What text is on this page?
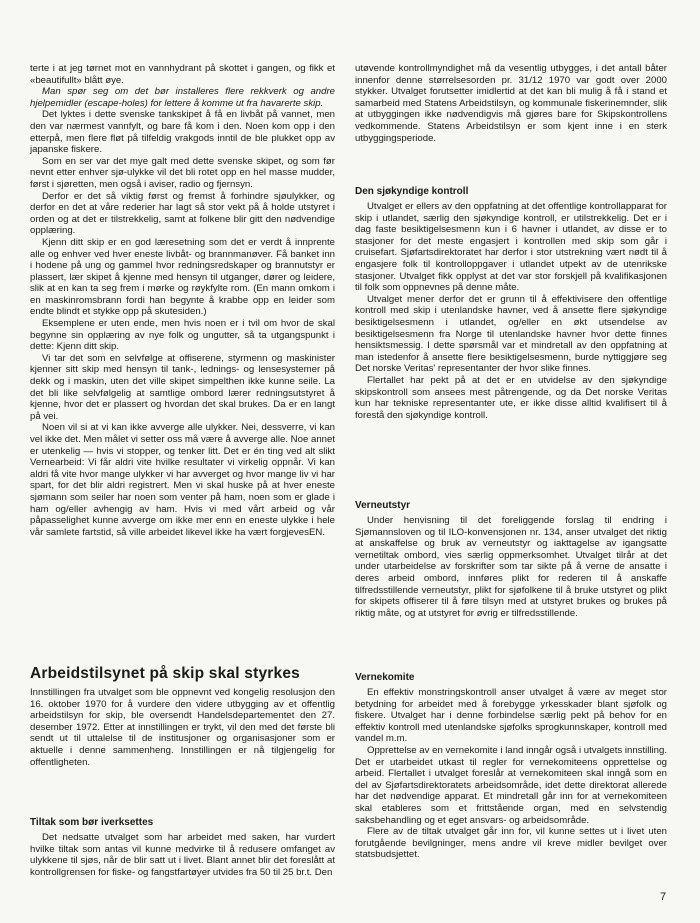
terte i at jeg tørnet mot en vannhydrant på skottet i gangen, og fikk et «beautifullt» blått øye.

Man spør seg om det bør installeres flere rekkverk og andre hjelpemidler (escape-holes) for lettere å komme ut fra havarerte skip.

Det lyktes i dette svenske tankskipet å få en livbåt på vannet, men den var nærmest vannfylt, og bare få kom i den. Noen kom opp i den etterpå, men flere fløt på tilfeldig vrakgods inntil de ble plukket opp av japanske fiskere.

Som en ser var det mye galt med dette svenske skipet, og som før nevnt etter enhver sjø-ulykke vil det bli rotet opp en hel masse mudder, først i sjøretten, men også i aviser, radio og fjernsyn.

Derfor er det så viktig først og fremst å forhindre sjøulykker, og derfor en det at våre rederier har lagt så stor vekt på å holde utstyret i orden og at det er tilstrekkelig, samt at folkene blir gitt den nødvendige opplæring.

Kjenn ditt skip er en god læresetning som det er verdt å innprente alle og enhver ved hver eneste livbåt- og brannmanøver. Få banket inn i hodene på ung og gammel hvor redningsredskaper og brannutstyr er plassert, lær skipet å kjenne med hensyn til utganger, dører og leidere, slik at en kan ta seg frem i mørke og røykfylte rom. (En mann omkom i en maskinromsbrann fordi han begynte å krabbe opp en leider som endte blindt et stykke opp på skutesiden.)

Eksemplene er uten ende, men hvis noen er i tvil om hvor de skal begynne sin opplæring av nye folk og ungutter, så ta utgangspunkt i dette: Kjenn ditt skip.

Vi tar det som en selvfølge at offiserene, styrmenn og maskinister kjenner sitt skip med hensyn til tank-, lednings- og lensesystemer på dekk og i maskin, uten det ville skipet simpelthen ikke kunne seile. La det bli like selvfølgelig at samtlige ombord lærer redningsutstyret å kjenne, hvor det er plassert og hvordan det skal brukes. Da er en langt på vei.

Noen vil si at vi kan ikke avverge alle ulykker. Nei, dessverre, vi kan vel ikke det. Men målet vi setter oss må være å avverge alle. Noe annet er utenkelig — hvis vi stopper, og tenker litt. Det er én ting ved alt slikt Vernearbeid: Vi får aldri vite hvilke resultater vi virkelig oppnår. Vi kan aldri få vite hvor mange ulykker vi har avverget og hvor mange liv vi har spart, for det blir aldri registrert. Men vi skal huske på at hver eneste sjømann som seiler har noen som venter på ham, noen som er glade i ham og/eller avhengig av ham. Hvis vi med vårt arbeid og vår påpasselighet kunne avverge om ikke mer enn en eneste ulykke i hele vår samlete fartstid, så ville arbeidet likevel ikke ha vært forgjeves.

EN.
Arbeidstilsynet på skip skal styrkes

Innstillingen fra utvalget som ble oppnevnt ved kongelig resolusjon den 16. oktober 1970 for å vurdere den videre utbygging av et offentlig arbeidstilsyn for skip, ble oversendt Handelsdepartementet den 27. desember 1972. Etter at innstillingen er trykt, vil den med det første bli sendt ut til uttalelse til de institusjoner og organisasjoner som er aktuelle i denne sammenheng. Innstillingen er nå tilgjengelig for offentligheten.

Tiltak som bør iverksettes

Det nedsatte utvalget som har arbeidet med saken, har vurdert hvilke tiltak som antas vil kunne medvirke til å redusere omfanget av ulykkene til sjøs, når de blir satt ut i livet. Blant annet blir det foreslått at kontrollgrensen for fiske- og fangstfartøyer utvides fra 50 til 25 br.t. Den

utøvende kontrollmyndighet må da vesentlig utbygges, i det antall båter innenfor denne størrelsesorden pr. 31/12 1970 var godt over 2000 stykker. Utvalget forutsetter imidlertid at det kan bli mulig å få i stand et samarbeid med Statens Arbeidstilsyn, og kommunale fiskerinemnder, slik at utbyggingen ikke nødvendigvis må gjøres bare for Skipskontrollens vedkommende. Statens Arbeidstilsyn er som kjent inne i en sterk utbyggingsperiode.

Den sjøkyndige kontroll

Utvalget er ellers av den oppfatning at det offentlige kontrollapparat for skip i utlandet, særlig den sjøkyndige kontroll, er utilstrekkelig. Det er i dag faste besiktigelsesmenn kun i 6 havner i utlandet, av disse er to stasjoner for det meste engasjert i kontrollen med skip som går i cruisefart. Sjøfartsdirektoratet har derfor i stor utstrekning vært nødt til å engasjere folk til kontrolloppgaver i utlandet utpekt av de utenrikske stasjoner. Utvalget fikk opplyst at det var stor forskjell på kvalifikasjonen til folk som oppnevnes på denne måte.

Utvalget mener derfor det er grunn til å effektivisere den offentlige kontroll med skip i utenlandske havner, ved å ansette flere sjøkyndige besiktigelsesmenn i utlandet, og/eller en økt utsendelse av besiktigelsesmenn fra Norge til utenlandske havner hvor dette finnes hensiktsmessig. I dette spørsmål var et mindretall av den oppfatning at man istedenfor å ansette flere besiktigelsesmenn, burde nyttiggjøre seg Det norske Veritas' representanter der hvor slike finnes.

Flertallet har pekt på at det er en utvidelse av den sjøkyndige skipskontroll som ansees mest påtrengende, og da Det norske Veritas kun har tekniske representanter ute, er ikke disse alltid kvalifisert til å forestå den sjøkyndige kontroll.

Verneutstyr

Under henvisning til det foreliggende forslag til endring i Sjømannsloven og til ILO-konvensjonen nr. 134, anser utvalget det riktig at anskaffelse og bruk av verneutstyr og iakttagelse av igangsatte vernetiltak ombord, vies særlig oppmerksomhet. Utvalget tilrår at det under utarbeidelse av forskrifter som tar sikte på å verne de ansatte i deres arbeid ombord, innføres plikt for rederen til å anskaffe tilfredsstillende verneutstyr, plikt for sjøfolkene til å bruke utstyret og plikt for skipets offiserer til å føre tilsyn med at utstyret brukes og brukes på riktig måte, og at utstyret for øvrig er tilfredsstillende.

Vernekomite

En effektiv monstringskontroll anser utvalget å være av meget stor betydning for arbeidet med å forebygge yrkesskader blant sjøfolk og fiskere. Utvalget har i denne forbindelse særlig pekt på behov for en effektiv kontroll med utenlandske sjøfolks sprogkunnskaper, kontroll med vandel m.m.

Opprettelse av en vernekomite i land inngår også i utvalgets innstilling. Det er utarbeidet utkast til regler for vernekomiteens opprettelse og arbeid. Flertallet i utvalget foreslår at vernekomiteen skal inngå som en del av Sjøfartsdirektoratets arbeidsområde, idet dette direktorat allerede har det nødvendige apparat. Et mindretall går inn for at vernekomiteen skal etableres som et frittstående organ, med en selvstendig saksbehandling og et eget ansvars- og arbeidsområde.

Flere av de tiltak utvalget går inn for, vil kunne settes ut i livet uten forutgående bevilgninger, mens andre vil kreve midler bevilget over statsbudsjettet.

7
